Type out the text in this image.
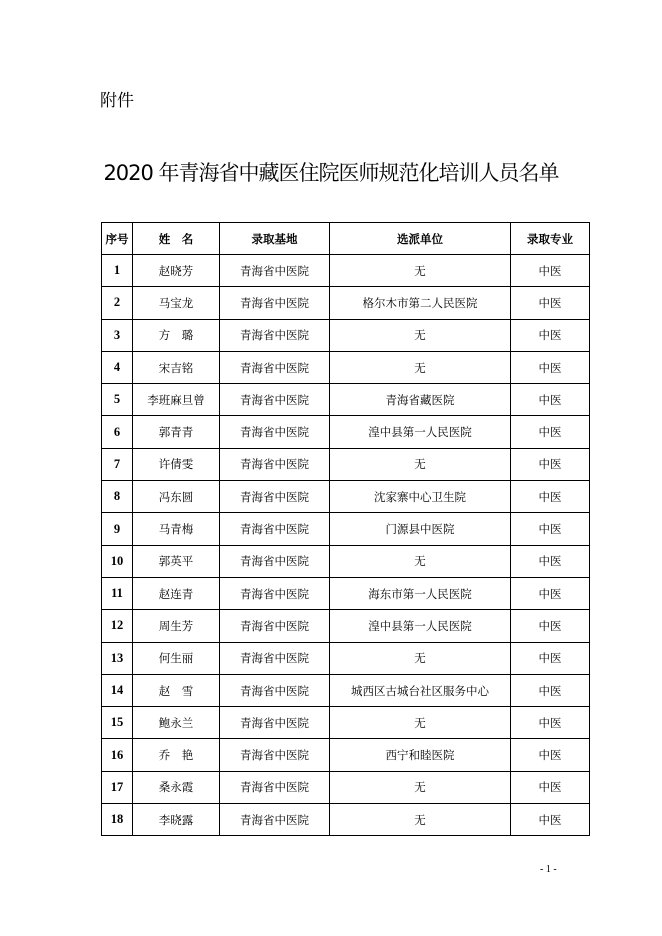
附件
2020 年青海省中藏医住院医师规范化培训人员名单
序号	姓　名	录取基地	选派单位	录取专业
1	赵晓芳	青海省中医院	无	中医
2	马宝龙	青海省中医院	格尔木市第二人民医院	中医
3	方　璐	青海省中医院	无	中医
4	宋吉铭	青海省中医院	无	中医
5	李班麻旦曾	青海省中医院	青海省藏医院	中医
6	郭青青	青海省中医院	湟中县第一人民医院	中医
7	许倩雯	青海省中医院	无	中医
8	冯东圆	青海省中医院	沈家寨中心卫生院	中医
9	马青梅	青海省中医院	门源县中医院	中医
10	郭英平	青海省中医院	无	中医
11	赵连青	青海省中医院	海东市第一人民医院	中医
12	周生芳	青海省中医院	湟中县第一人民医院	中医
13	何生丽	青海省中医院	无	中医
14	赵　雪	青海省中医院	城西区古城台社区服务中心	中医
15	鲍永兰	青海省中医院	无	中医
16	乔　艳	青海省中医院	西宁和睦医院	中医
17	桑永霞	青海省中医院	无	中医
18	李晓露	青海省中医院	无	中医
- 1 -
